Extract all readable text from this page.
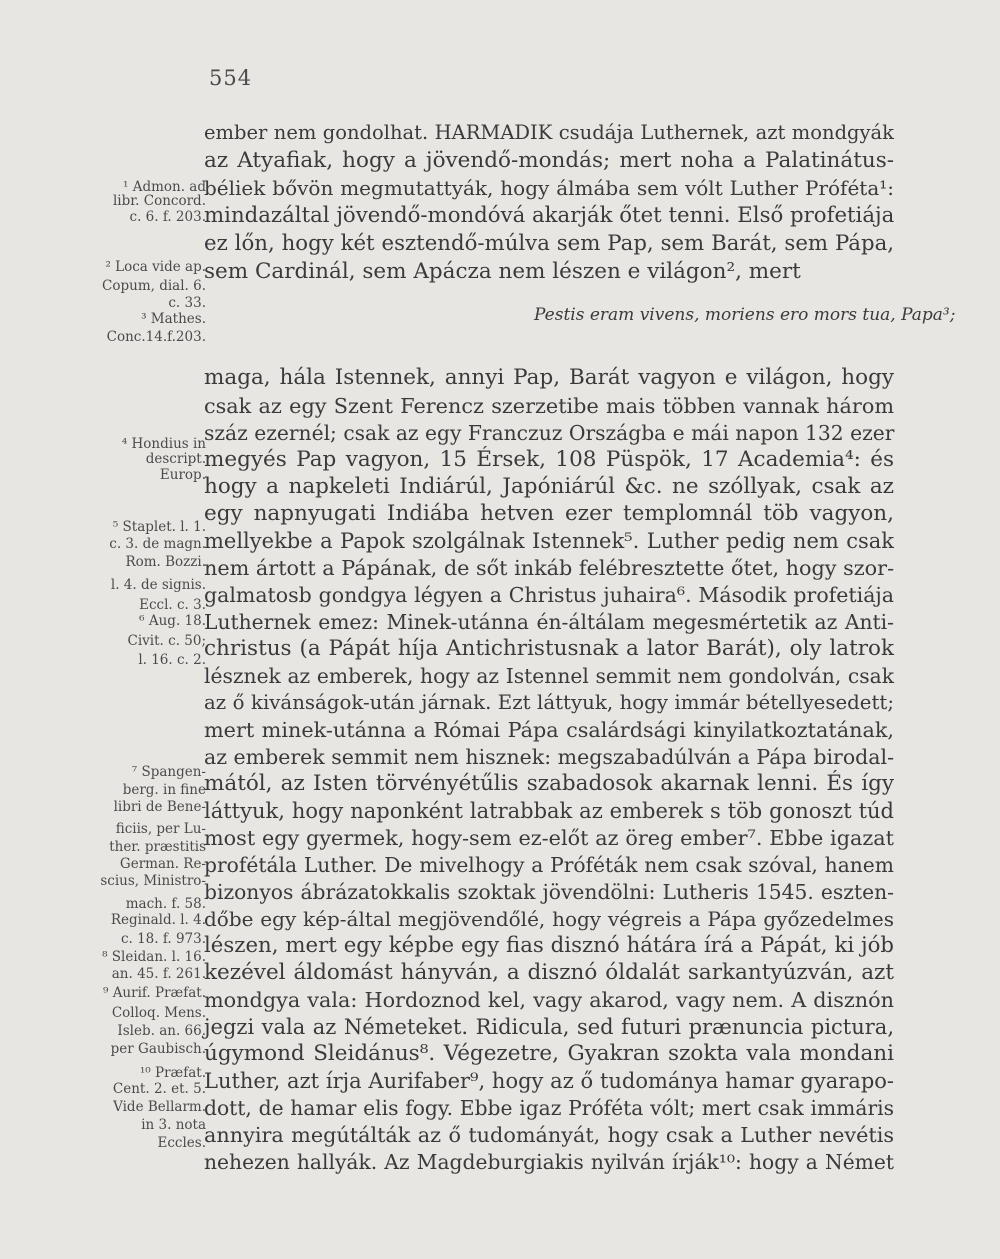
554
¹ Admon. ad
libr. Concord.
c. 6. f. 203.
² Loca vide ap.
Copum, dial. 6.
c. 33.
³ Mathes.
Conc.14.f.203.
⁴ Hondius in
descript.
Europ.
⁵ Staplet. l. 1.
c. 3. de magn.
Rom. Bozzi.
l. 4. de signis.
Eccl. c. 3.
⁶ Aug. 18.
Civit. c. 50;
l. 16. c. 2.
⁷ Spangen-
berg. in fine
libri de Bene-
ficiis, per Lu-
ther. præstitis
German. Re-
scius, Ministro-
mach. f. 58.
Reginald. l. 4.
c. 18. f. 973.
⁸ Sleidan. l. 16.
an. 45. f. 261.
⁹ Aurif. Præfat.
Colloq. Mens.
Isleb. an. 66.
per Gaubisch.
¹⁰ Præfat.
Cent. 2. et. 5.
Vide Bellarm.
in 3. nota
Eccles.
ember nem gondolhat. HARMADIK csudája Luthernek, azt mondgyák
az Atyafiak, hogy a jövendő-mondás; mert noha a Palatinátus-
béliek bővön megmutattyák, hogy álmába sem vólt Luther Próféta¹:
mindazáltal jövendő-mondóvá akarják őtet tenni. Első profetiája
ez lőn, hogy két esztendő-múlva sem Pap, sem Barát, sem Pápa,
sem Cardinál, sem Apácza nem lészen e világon², mert
Pestis eram vivens, moriens ero mors tua, Papa³;
maga, hála Istennek, annyi Pap, Barát vagyon e világon, hogy
csak az egy Szent Ferencz szerzetibe mais többen vannak három
száz ezernél; csak az egy Franczuz Országba e mái napon 132 ezer
megyés Pap vagyon, 15 Érsek, 108 Püspök, 17 Academia⁴: és
hogy a napkeleti Indiárúl, Japóniárúl &c. ne szóllyak, csak az
egy napnyugati Indiába hetven ezer templomnál töb vagyon,
mellyekbe a Papok szolgálnak Istennek⁵. Luther pedig nem csak
nem ártott a Pápának, de sőt inkáb felébresztette őtet, hogy szor-
galmatosb gondgya légyen a Christus juhaira⁶. Második profetiája
Luthernek emez: Minek-utánna én-áltálam megesmértetik az Anti-
christus (a Pápát híja Antichristusnak a lator Barát), oly latrok
lésznek az emberek, hogy az Istennel semmit nem gondolván, csak
az ő kivánságok-után járnak. Ezt láttyuk, hogy immár bétellyesedett;
mert minek-utánna a Római Pápa csalárdsági kinyilatkoztatának,
az emberek semmit nem hisznek: megszabadúlván a Pápa birodal-
mától, az Isten törvényétűlis szabadosok akarnak lenni. És így
láttyuk, hogy naponként latrabbak az emberek s töb gonoszt túd
most egy gyermek, hogy-sem ez-előt az öreg ember⁷. Ebbe igazat
profétála Luther. De mivelhogy a Próféták nem csak szóval, hanem
bizonyos ábrázatokkalis szoktak jövendölni: Lutheris 1545. eszten-
dőbe egy kép-által megjövendőlé, hogy végreis a Pápa győzedelmes
lészen, mert egy képbe egy fias disznó hátára írá a Pápát, ki jób
kezével áldomást hányván, a disznó óldalát sarkantyúzván, azt
mondgya vala: Hordoznod kel, vagy akarod, vagy nem. A disznón
jegzi vala az Németeket. Ridicula, sed futuri prænuncia pictura,
úgymond Sleidánus⁸. Végezetre, Gyakran szokta vala mondani
Luther, azt írja Aurifaber⁹, hogy az ő tudománya hamar gyarapo-
dott, de hamar elis fogy. Ebbe igaz Próféta vólt; mert csak immáris
annyira megútálták az ő tudományát, hogy csak a Luther nevétis
nehezen hallyák. Az Magdeburgiakis nyilván írják¹⁰: hogy a Német
